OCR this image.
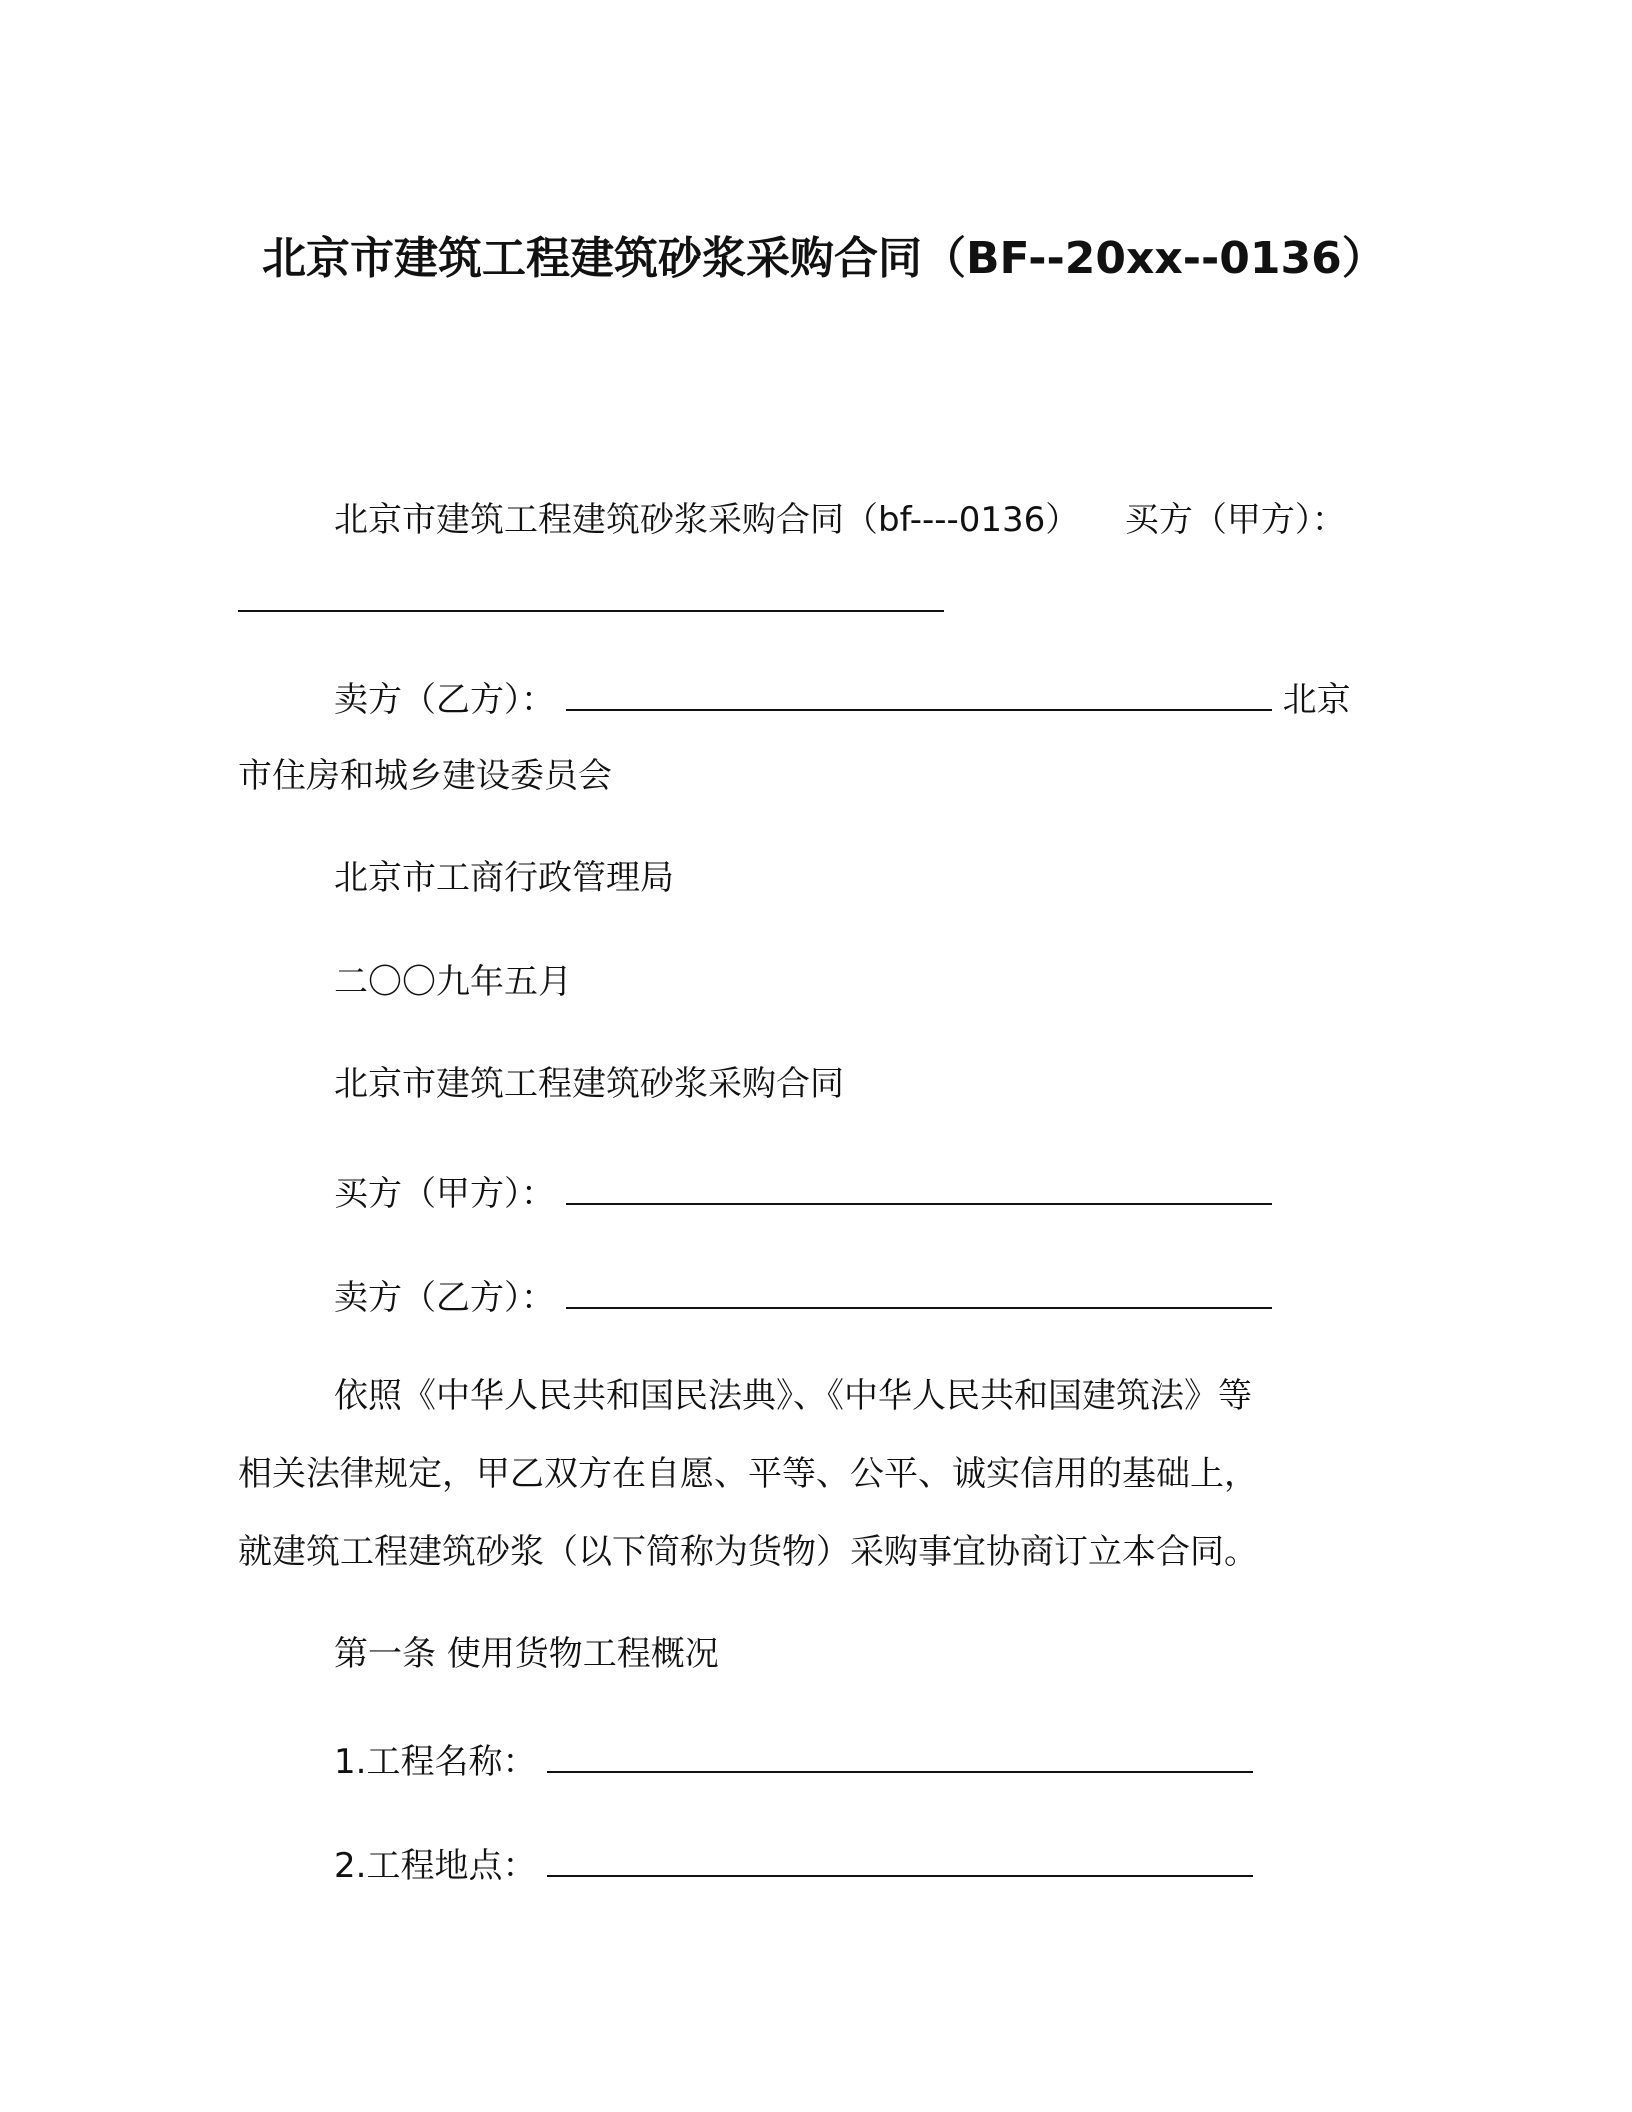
北京市建筑工程建筑砂浆采购合同（BF--20xx--0136）

北京市建筑工程建筑砂浆采购合同（bf----0136） 买方（甲方）：

卖方（乙方）：	北京

市住房和城乡建设委员会

北京市工商行政管理局

二〇〇九年五月

北京市建筑工程建筑砂浆采购合同

买方（甲方）：

卖方（乙方）：

依照《中华人民共和国民法典》、《中华人民共和国建筑法》等

相关法律规定，甲乙双方在自愿、平等、公平、诚实信用的基础上，

就建筑工程建筑砂浆（以下简称为货物）采购事宜协商订立本合同。

第一条 使用货物工程概况

1.工程名称：

2.工程地点：
